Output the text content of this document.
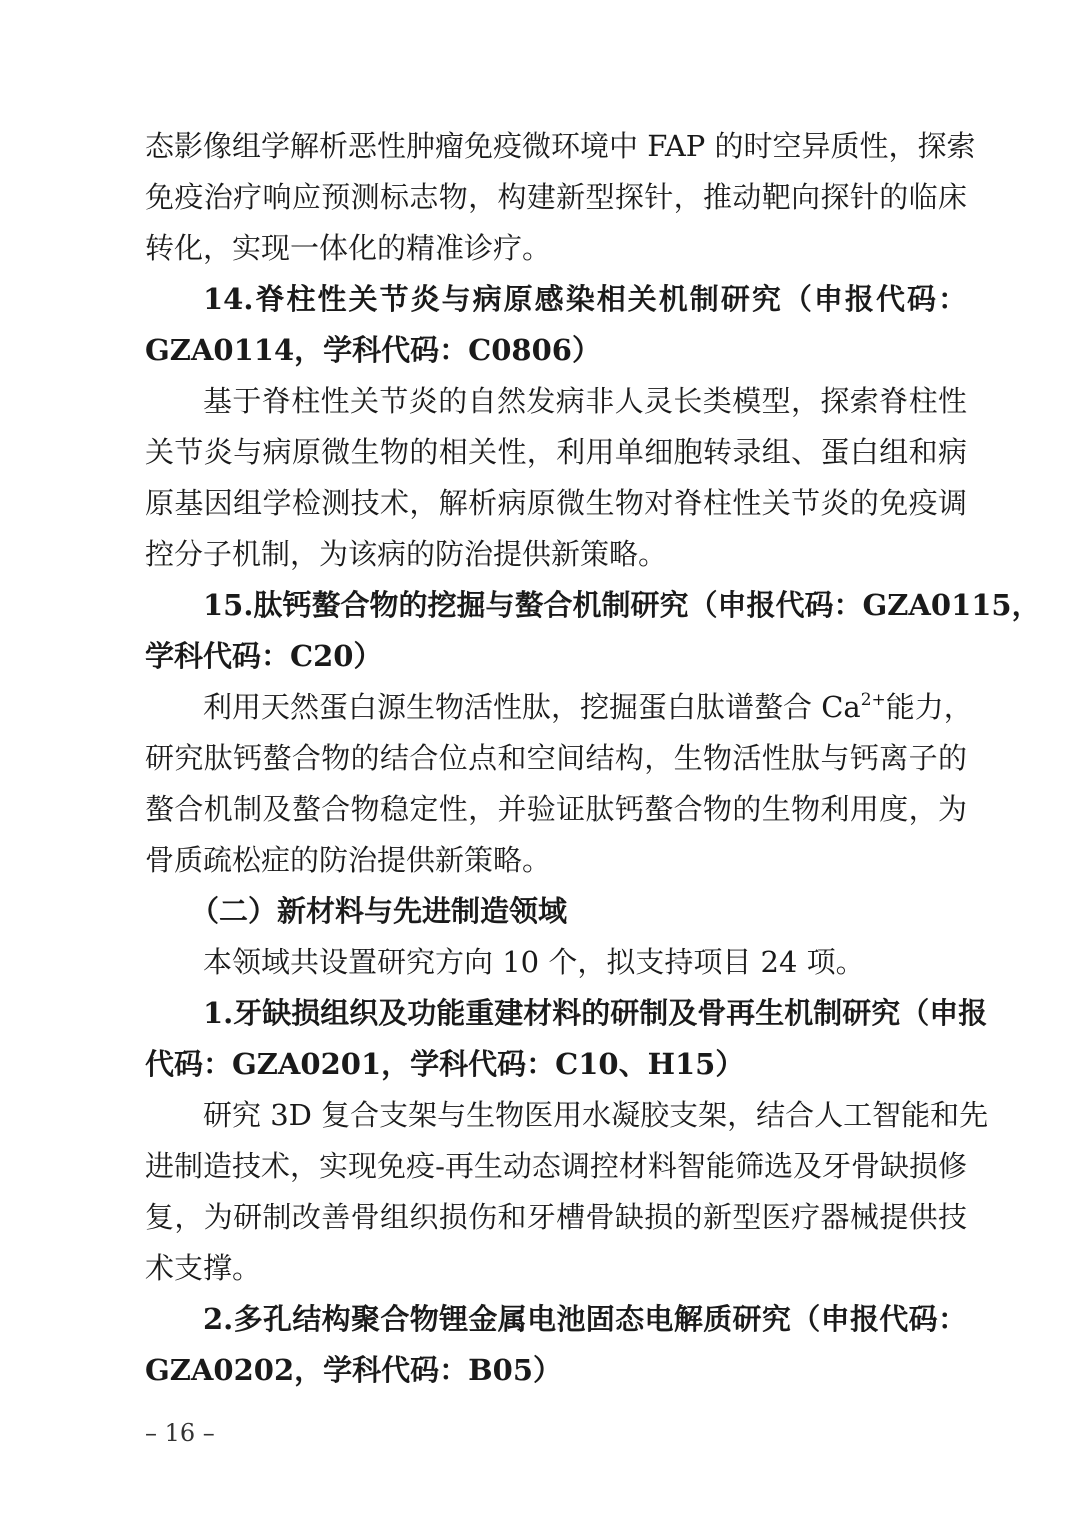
态影像组学解析恶性肿瘤免疫微环境中 FAP 的时空异质性，探索
免疫治疗响应预测标志物，构建新型探针，推动靶向探针的临床
转化，实现一体化的精准诊疗。
14.脊柱性关节炎与病原感染相关机制研究（申报代码：
GZA0114，学科代码：C0806）
基于脊柱性关节炎的自然发病非人灵长类模型，探索脊柱性
关节炎与病原微生物的相关性，利用单细胞转录组、蛋白组和病
原基因组学检测技术，解析病原微生物对脊柱性关节炎的免疫调
控分子机制，为该病的防治提供新策略。
15.肽钙螯合物的挖掘与螯合机制研究（申报代码：GZA0115，
学科代码：C20）
利用天然蛋白源生物活性肽，挖掘蛋白肽谱螯合 $Ca^{2+}$能力，
研究肽钙螯合物的结合位点和空间结构，生物活性肽与钙离子的
螯合机制及螯合物稳定性，并验证肽钙螯合物的生物利用度，为
骨质疏松症的防治提供新策略。
（二）新材料与先进制造领域
本领域共设置研究方向 10 个，拟支持项目 24 项。
1.牙缺损组织及功能重建材料的研制及骨再生机制研究（申报
代码：GZA0201，学科代码：C10、H15）
研究 3D 复合支架与生物医用水凝胶支架，结合人工智能和先
进制造技术，实现免疫-再生动态调控材料智能筛选及牙骨缺损修
复，为研制改善骨组织损伤和牙槽骨缺损的新型医疗器械提供技
术支撑。
2.多孔结构聚合物锂金属电池固态电解质研究（申报代码：
GZA0202，学科代码：B05）
– 16 –
